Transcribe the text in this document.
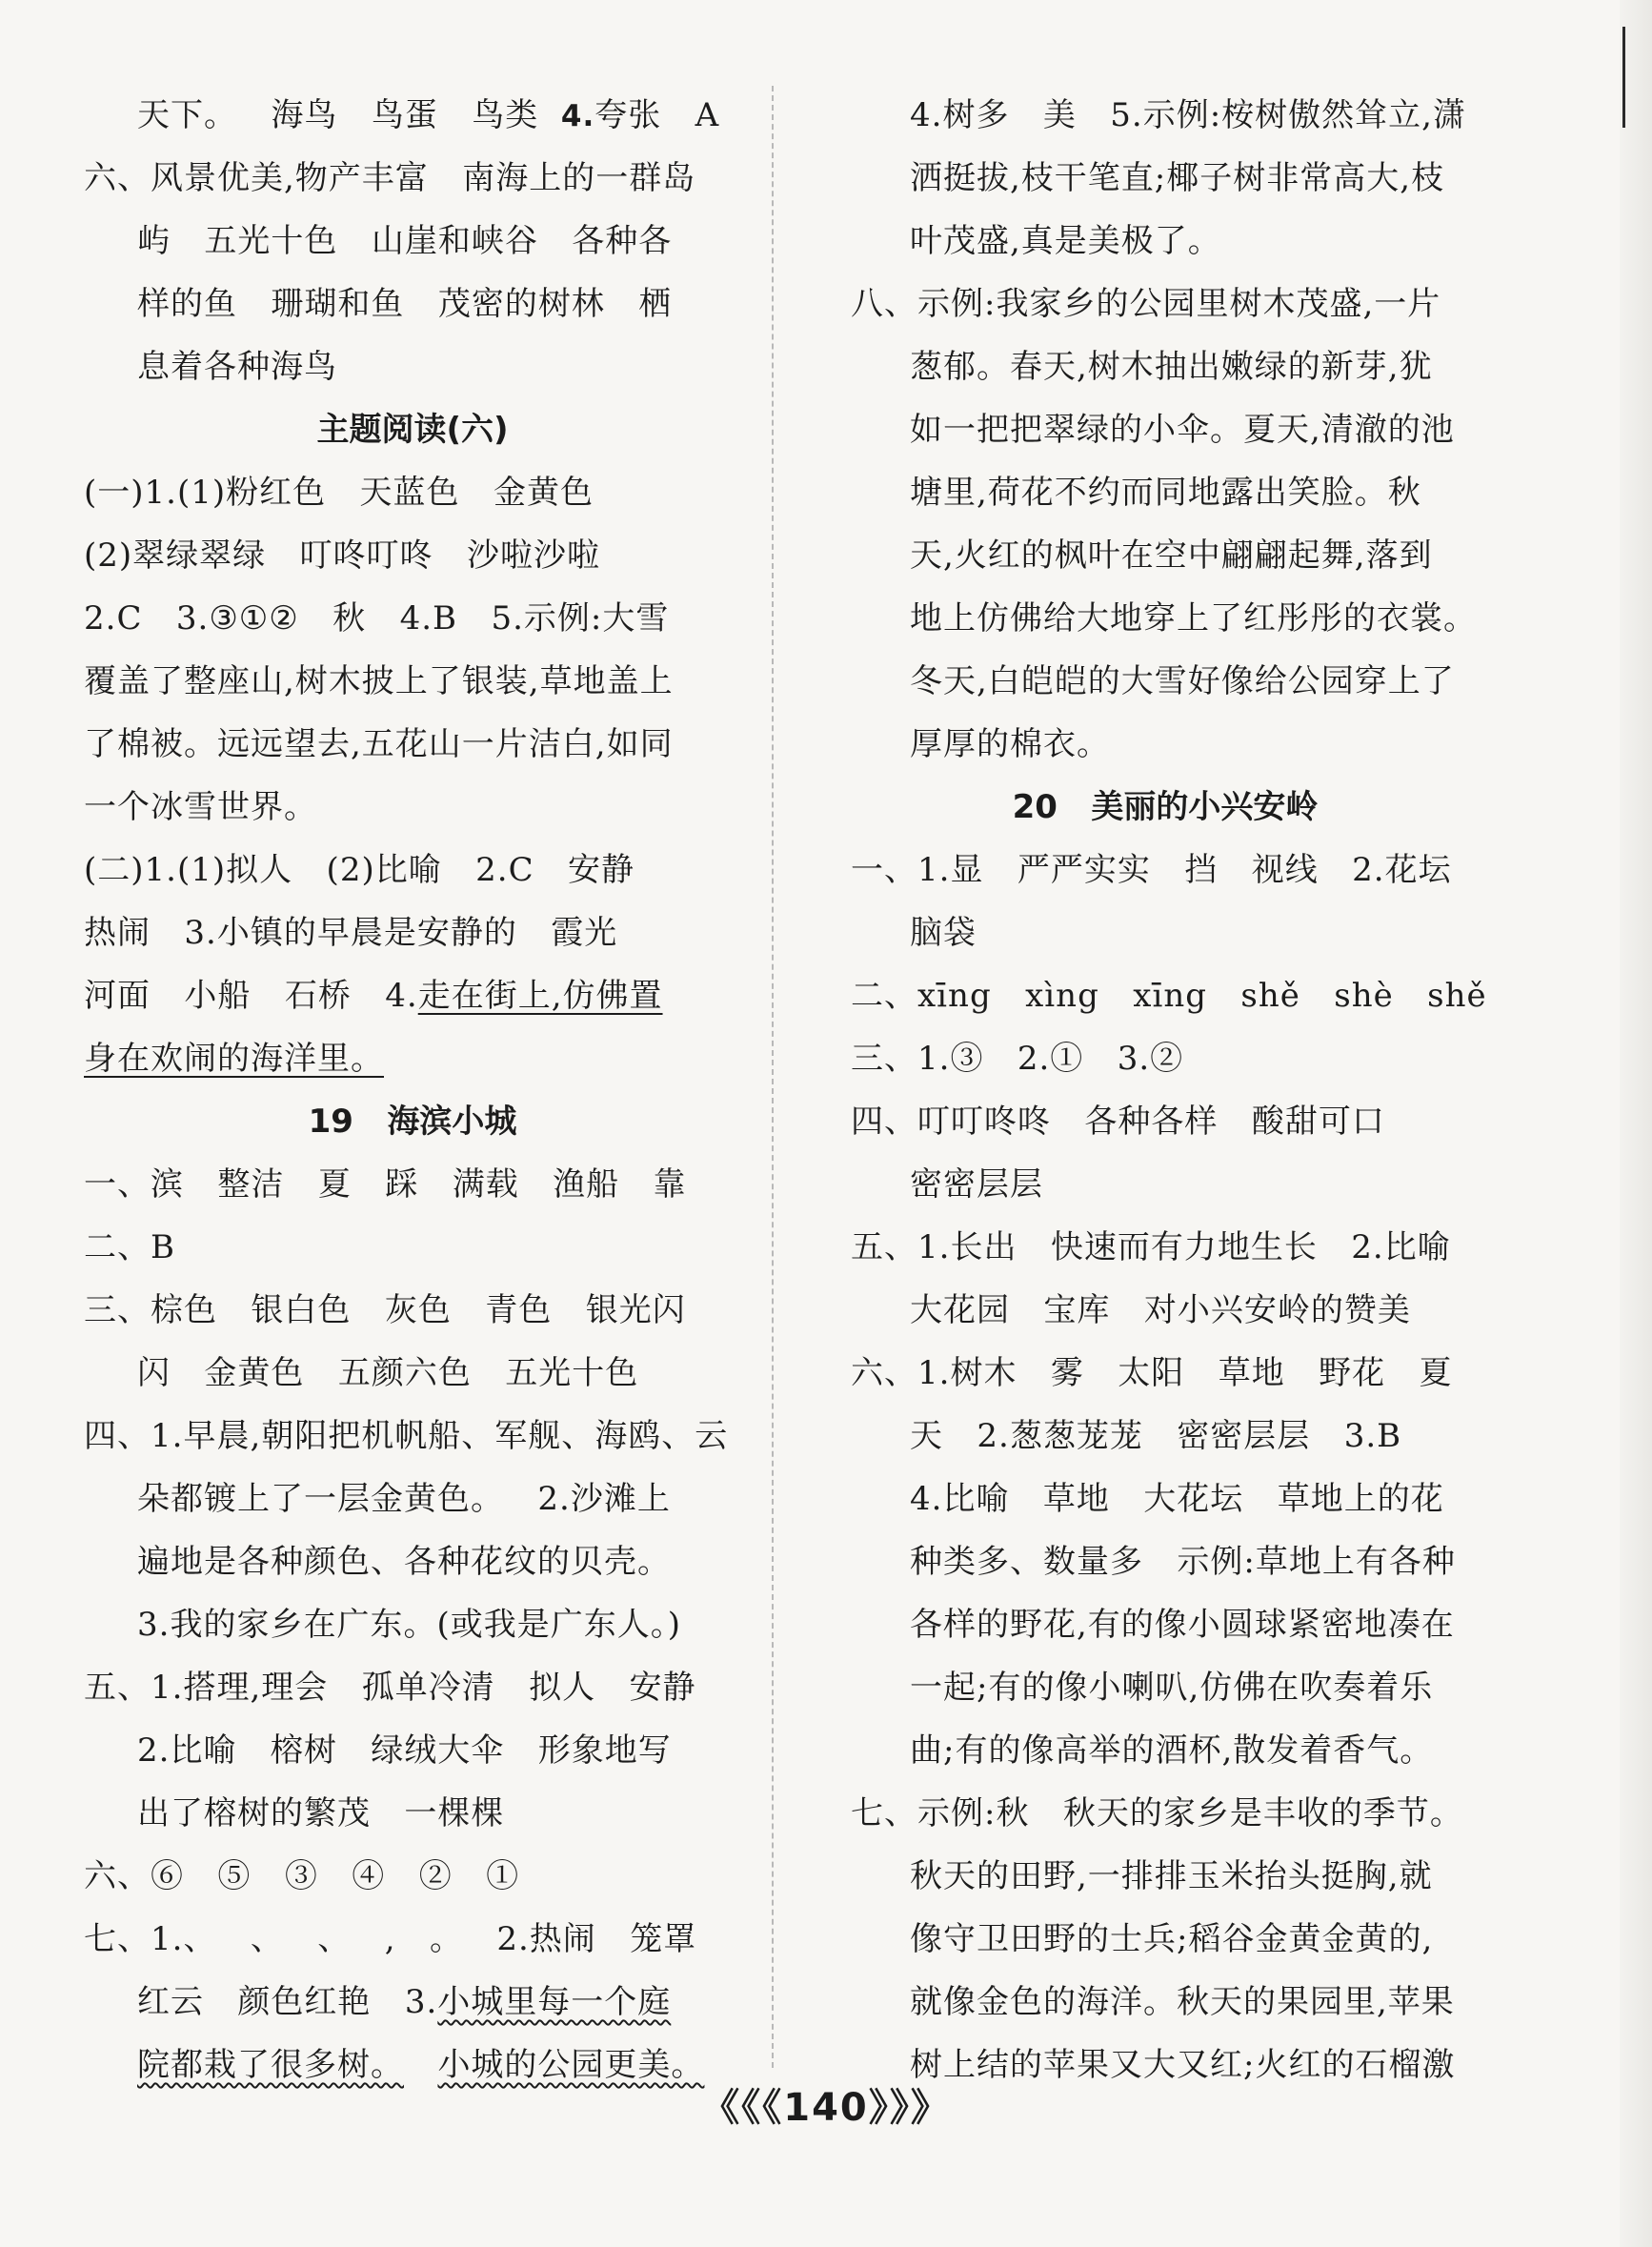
天下。   海鸟   鸟蛋   鸟类  4.夸张   A
六、风景优美,物产丰富   南海上的一群岛
屿   五光十色   山崖和峡谷   各种各
样的鱼   珊瑚和鱼   茂密的树林   栖
息着各种海鸟
主题阅读(六)
(一)1.(1)粉红色   天蓝色   金黄色
(2)翠绿翠绿   叮咚叮咚   沙啦沙啦
2.C   3.③①②   秋   4.B   5.示例:大雪
覆盖了整座山,树木披上了银装,草地盖上
了棉被。远远望去,五花山一片洁白,如同
一个冰雪世界。
(二)1.(1)拟人   (2)比喻   2.C   安静
热闹   3.小镇的早晨是安静的   霞光
河面   小船   石桥   4.走在街上,仿佛置
身在欢闹的海洋里。
19   海滨小城
一、滨   整洁   夏   踩   满载   渔船   靠
二、B
三、棕色   银白色   灰色   青色   银光闪
闪   金黄色   五颜六色   五光十色
四、1.早晨,朝阳把机帆船、军舰、海鸥、云
朵都镀上了一层金黄色。   2.沙滩上
遍地是各种颜色、各种花纹的贝壳。
3.我的家乡在广东。(或我是广东人。)
五、1.搭理,理会   孤单冷清   拟人   安静
2.比喻   榕树   绿绒大伞   形象地写
出了榕树的繁茂   一棵棵
六、⑥   ⑤   ③   ④   ②   ①
七、1.、   、   、   ,   。   2.热闹   笼罩
红云   颜色红艳   3.小城里每一个庭
院都栽了很多树。 小城的公园更美。
4.树多   美   5.示例:桉树傲然耸立,潇
洒挺拔,枝干笔直;椰子树非常高大,枝
叶茂盛,真是美极了。
八、示例:我家乡的公园里树木茂盛,一片
葱郁。春天,树木抽出嫩绿的新芽,犹
如一把把翠绿的小伞。夏天,清澈的池
塘里,荷花不约而同地露出笑脸。秋
天,火红的枫叶在空中翩翩起舞,落到
地上仿佛给大地穿上了红彤彤的衣裳。
冬天,白皑皑的大雪好像给公园穿上了
厚厚的棉衣。
20   美丽的小兴安岭
一、1.显   严严实实   挡   视线   2.花坛
脑袋
二、xīng   xìng   xīng   shě   shè   shě
三、1.③   2.①   3.②
四、叮叮咚咚   各种各样   酸甜可口
密密层层
五、1.长出   快速而有力地生长   2.比喻
大花园   宝库   对小兴安岭的赞美
六、1.树木   雾   太阳   草地   野花   夏
天   2.葱葱茏茏   密密层层   3.B
4.比喻   草地   大花坛   草地上的花
种类多、数量多   示例:草地上有各种
各样的野花,有的像小圆球紧密地凑在
一起;有的像小喇叭,仿佛在吹奏着乐
曲;有的像高举的酒杯,散发着香气。
七、示例:秋   秋天的家乡是丰收的季节。
秋天的田野,一排排玉米抬头挺胸,就
像守卫田野的士兵;稻谷金黄金黄的,
就像金色的海洋。秋天的果园里,苹果
树上结的苹果又大又红;火红的石榴激
《《《140》》》
